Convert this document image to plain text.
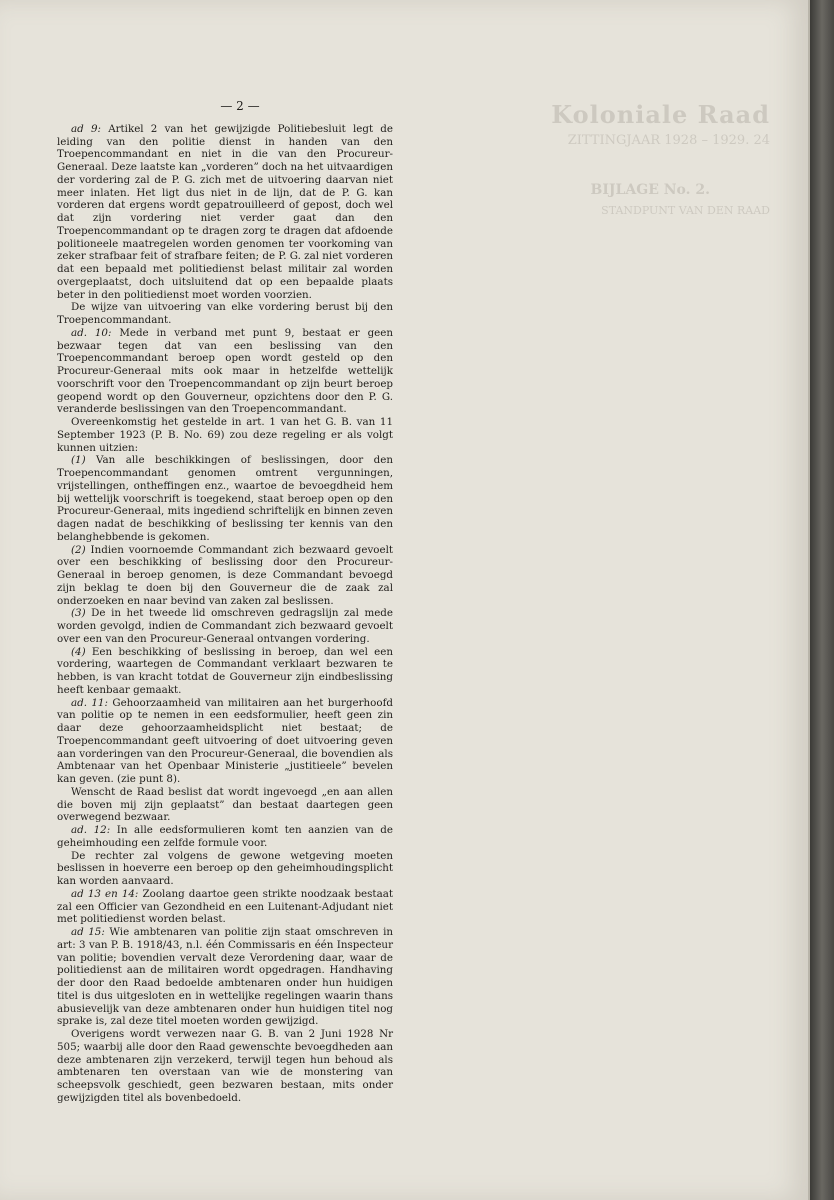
Koloniale Raad
ZITTINGJAAR 1928 – 1929. 24
BIJLAGE No. 2.
STANDPUNT VAN DEN RAAD
— 2 —

ad 9: Artikel 2 van het gewijzigde Politiebesluit legt de leiding van den politie dienst in handen van den Troepencommandant en niet in die van den Procureur-Generaal. Deze laatste kan „vorderen” doch na het uitvaardigen der vordering zal de P. G. zich met de uitvoering daarvan niet meer inlaten. Het ligt dus niet in de lijn, dat de P. G. kan vorderen dat ergens wordt gepatrouilleerd of gepost, doch wel dat zijn vordering niet verder gaat dan den Troepencommandant op te dragen zorg te dragen dat afdoende politioneele maatregelen worden genomen ter voorkoming van zeker strafbaar feit of strafbare feiten; de P. G. zal niet vorderen dat een bepaald met politiedienst belast militair zal worden overgeplaatst, doch uitsluitend dat op een bepaalde plaats beter in den politiedienst moet worden voorzien.

De wijze van uitvoering van elke vordering berust bij den Troepencommandant.

ad. 10: Mede in verband met punt 9, bestaat er geen bezwaar tegen dat van een beslissing van den Troepencommandant beroep open wordt gesteld op den Procureur-Generaal mits ook maar in hetzelfde wettelijk voorschrift voor den Troepencommandant op zijn beurt beroep geopend wordt op den Gouverneur, opzichtens door den P. G. veranderde beslissingen van den Troepencommandant.

Overeenkomstig het gestelde in art. 1 van het G. B. van 11 September 1923 (P. B. No. 69) zou deze regeling er als volgt kunnen uitzien:

(1) Van alle beschikkingen of beslissingen, door den Troepencommandant genomen omtrent vergunningen, vrijstellingen, ontheffingen enz., waartoe de bevoegdheid hem bij wettelijk voorschrift is toegekend, staat beroep open op den Procureur-Generaal, mits ingediend schriftelijk en binnen zeven dagen nadat de beschikking of beslissing ter kennis van den belanghebbende is gekomen.

(2) Indien voornoemde Commandant zich bezwaard gevoelt over een beschikking of beslissing door den Procureur-Generaal in beroep genomen, is deze Commandant bevoegd zijn beklag te doen bij den Gouverneur die de zaak zal onderzoeken en naar bevind van zaken zal beslissen.

(3) De in het tweede lid omschreven gedragslijn zal mede worden gevolgd, indien de Commandant zich bezwaard gevoelt over een van den Procureur-Generaal ontvangen vordering.

(4) Een beschikking of beslissing in beroep, dan wel een vordering, waartegen de Commandant verklaart bezwaren te hebben, is van kracht totdat de Gouverneur zijn eindbeslissing heeft kenbaar gemaakt.

ad. 11: Gehoorzaamheid van militairen aan het burgerhoofd van politie op te nemen in een eedsformulier, heeft geen zin daar deze gehoorzaamheidsplicht niet bestaat; de Troepencommandant geeft uitvoering of doet uitvoering geven aan vorderingen van den Procureur-Generaal, die bovendien als Ambtenaar van het Openbaar Ministerie „justitieele” bevelen kan geven. (zie punt 8).

Wenscht de Raad beslist dat wordt ingevoegd „en aan allen die boven mij zijn geplaatst” dan bestaat daartegen geen overwegend bezwaar.

ad. 12: In alle eedsformulieren komt ten aanzien van de geheimhouding een zelfde formule voor.

De rechter zal volgens de gewone wetgeving moeten beslissen in hoeverre een beroep op den geheimhoudingsplicht kan worden aanvaard.

ad 13 en 14: Zoolang daartoe geen strikte noodzaak bestaat zal een Officier van Gezondheid en een Luitenant-Adjudant niet met politiedienst worden belast.

ad 15: Wie ambtenaren van politie zijn staat omschreven in art: 3 van P. B. 1918/43, n.l. één Commissaris en één Inspecteur van politie; bovendien vervalt deze Verordening daar, waar de politiedienst aan de militairen wordt opgedragen. Handhaving der door den Raad bedoelde ambtenaren onder hun huidigen titel is dus uitgesloten en in wettelijke regelingen waarin thans abusievelijk van deze ambtenaren onder hun huidigen titel nog sprake is, zal deze titel moeten worden gewijzigd.

Overigens wordt verwezen naar G. B. van 2 Juni 1928 Nr 505; waarbij alle door den Raad gewenschte bevoegdheden aan deze ambtenaren zijn verzekerd, terwijl tegen hun behoud als ambtenaren ten overstaan van wie de monstering van scheepsvolk geschiedt, geen bezwaren bestaan, mits onder gewijzigden titel als bovenbedoeld.
